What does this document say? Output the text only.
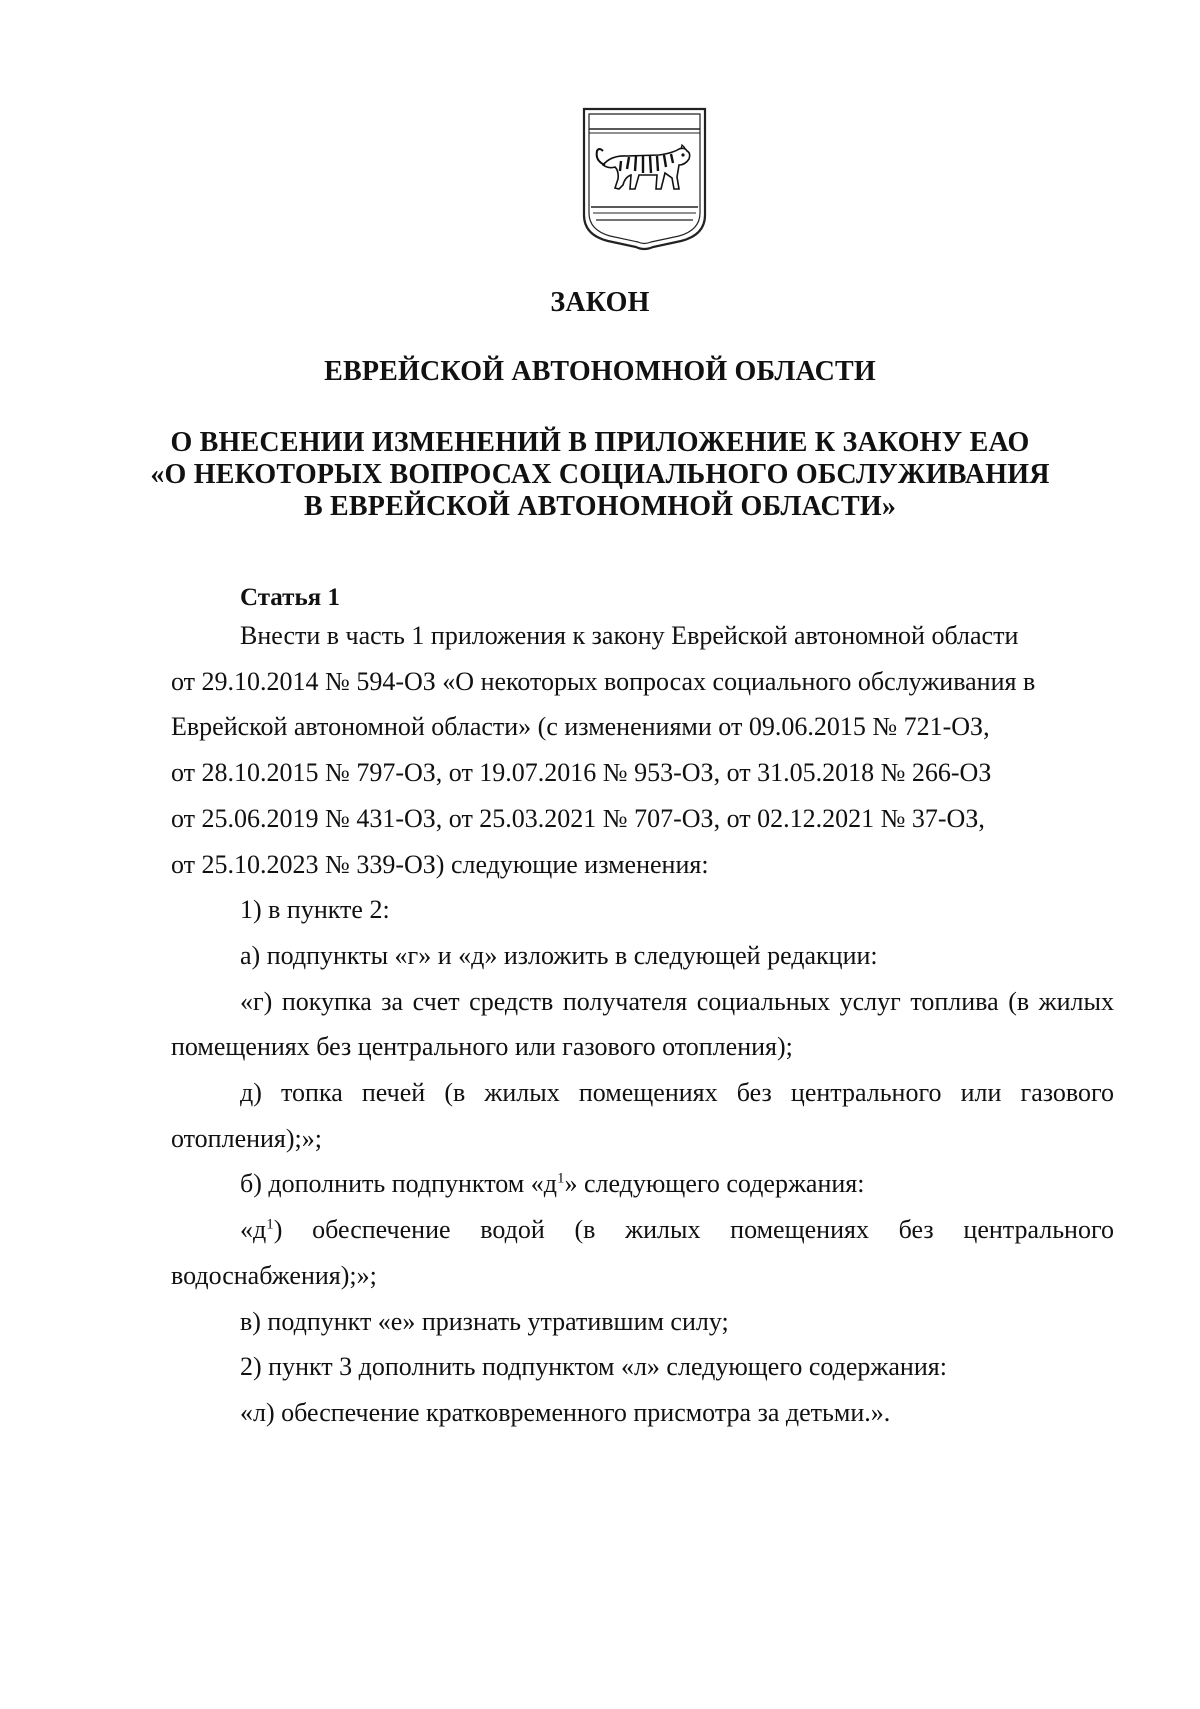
ЗАКОН
ЕВРЕЙСКОЙ АВТОНОМНОЙ ОБЛАСТИ
О ВНЕСЕНИИ ИЗМЕНЕНИЙ В ПРИЛОЖЕНИЕ К ЗАКОНУ ЕАО
«О НЕКОТОРЫХ ВОПРОСАХ СОЦИАЛЬНОГО ОБСЛУЖИВАНИЯ
В ЕВРЕЙСКОЙ АВТОНОМНОЙ ОБЛАСТИ»
Статья 1

Внести в часть 1 приложения к закону Еврейской автономной области

от 29.10.2014 № 594-ОЗ «О некоторых вопросах социального обслуживания в

Еврейской автономной области» (с изменениями от 09.06.2015 № 721-ОЗ,

от 28.10.2015 № 797-ОЗ, от 19.07.2016 № 953-ОЗ, от 31.05.2018 № 266-ОЗ

от 25.06.2019 № 431-ОЗ, от 25.03.2021 № 707-ОЗ, от 02.12.2021 № 37-ОЗ,

от 25.10.2023 № 339-ОЗ) следующие изменения:

1) в пункте 2:

а) подпункты «г» и «д» изложить в следующей редакции:

«г) покупка за счет средств получателя социальных услуг топлива (в жилых помещениях без центрального или газового отопления);

д) топка печей (в жилых помещениях без центрального или газового отопления);»;

б) дополнить подпунктом «$д^1$» следующего содержания:

«$д^1$) обеспечение водой (в жилых помещениях без центрального водоснабжения);»;

в) подпункт «е» признать утратившим силу;

2) пункт 3 дополнить подпунктом «л» следующего содержания:

«л) обеспечение кратковременного присмотра за детьми.».
